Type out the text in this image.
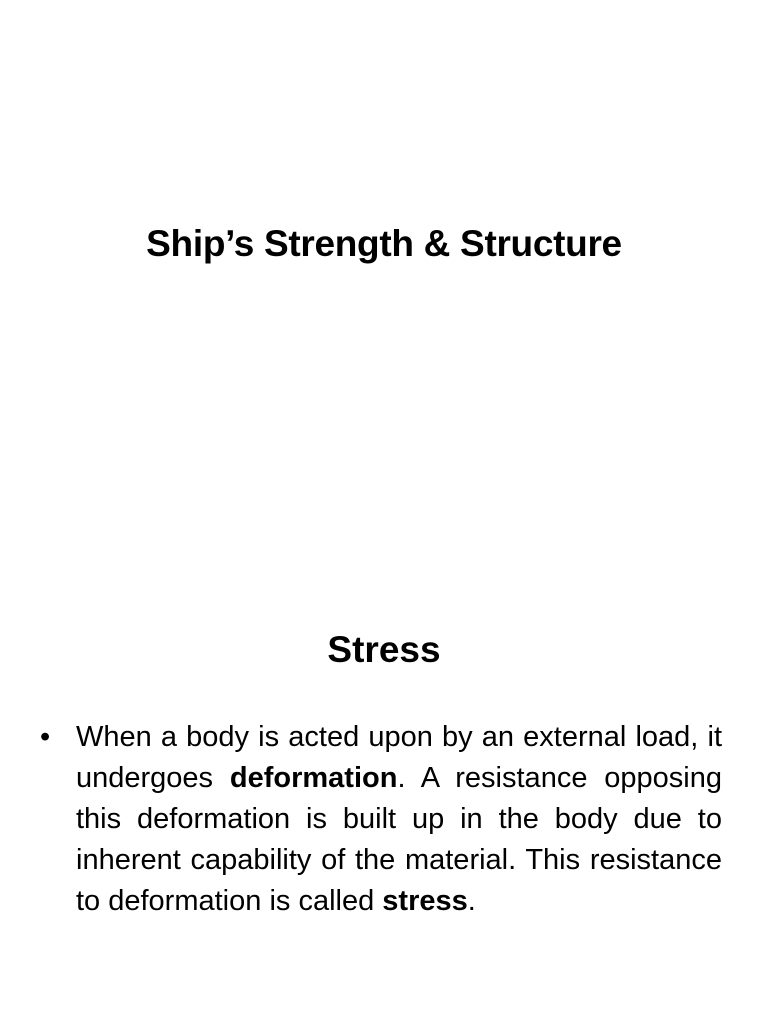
Ship’s Strength & Structure
Stress
• When a body is acted upon by an external load, it undergoes deformation. A resistance opposing this deformation is built up in the body due to inherent capability of the material. This resistance to deformation is called stress.
